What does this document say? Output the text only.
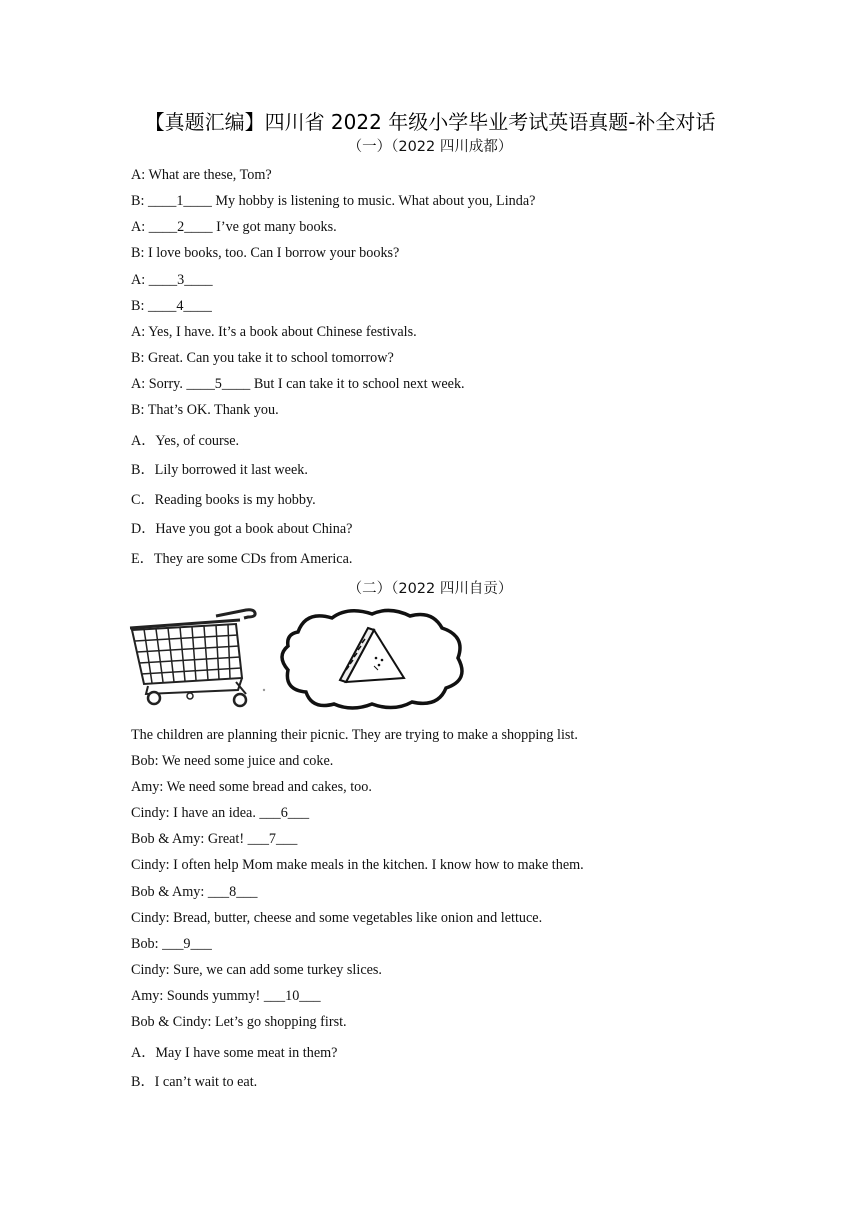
【真题汇编】四川省 2022 年级小学毕业考试英语真题-补全对话
（一）（2022 四川成都）
A: What are these, Tom?
B: ____1____ My hobby is listening to music. What about you, Linda?
A: ____2____ I’ve got many books.
B: I love books, too. Can I borrow your books?
A: ____3____
B: ____4____
A: Yes, I have. It’s a book about Chinese festivals.
B: Great. Can you take it to school tomorrow?
A: Sorry. ____5____ But I can take it to school next week.
B: That’s OK. Thank you.
A．Yes, of course.
B．Lily borrowed it last week.
C．Reading books is my hobby.
D．Have you got a book about China?
E．They are some CDs from America.
（二）（2022 四川自贡）
The children are planning their picnic. They are trying to make a shopping list.
Bob: We need some juice and coke.
Amy: We need some bread and cakes, too.
Cindy: I have an idea. ___6___
Bob & Amy: Great! ___7___
Cindy: I often help Mom make meals in the kitchen. I know how to make them.
Bob & Amy: ___8___
Cindy: Bread, butter, cheese and some vegetables like onion and lettuce.
Bob: ___9___
Cindy: Sure, we can add some turkey slices.
Amy: Sounds yummy! ___10___
Bob & Cindy: Let’s go shopping first.
A．May I have some meat in them?
B．I can’t wait to eat.
